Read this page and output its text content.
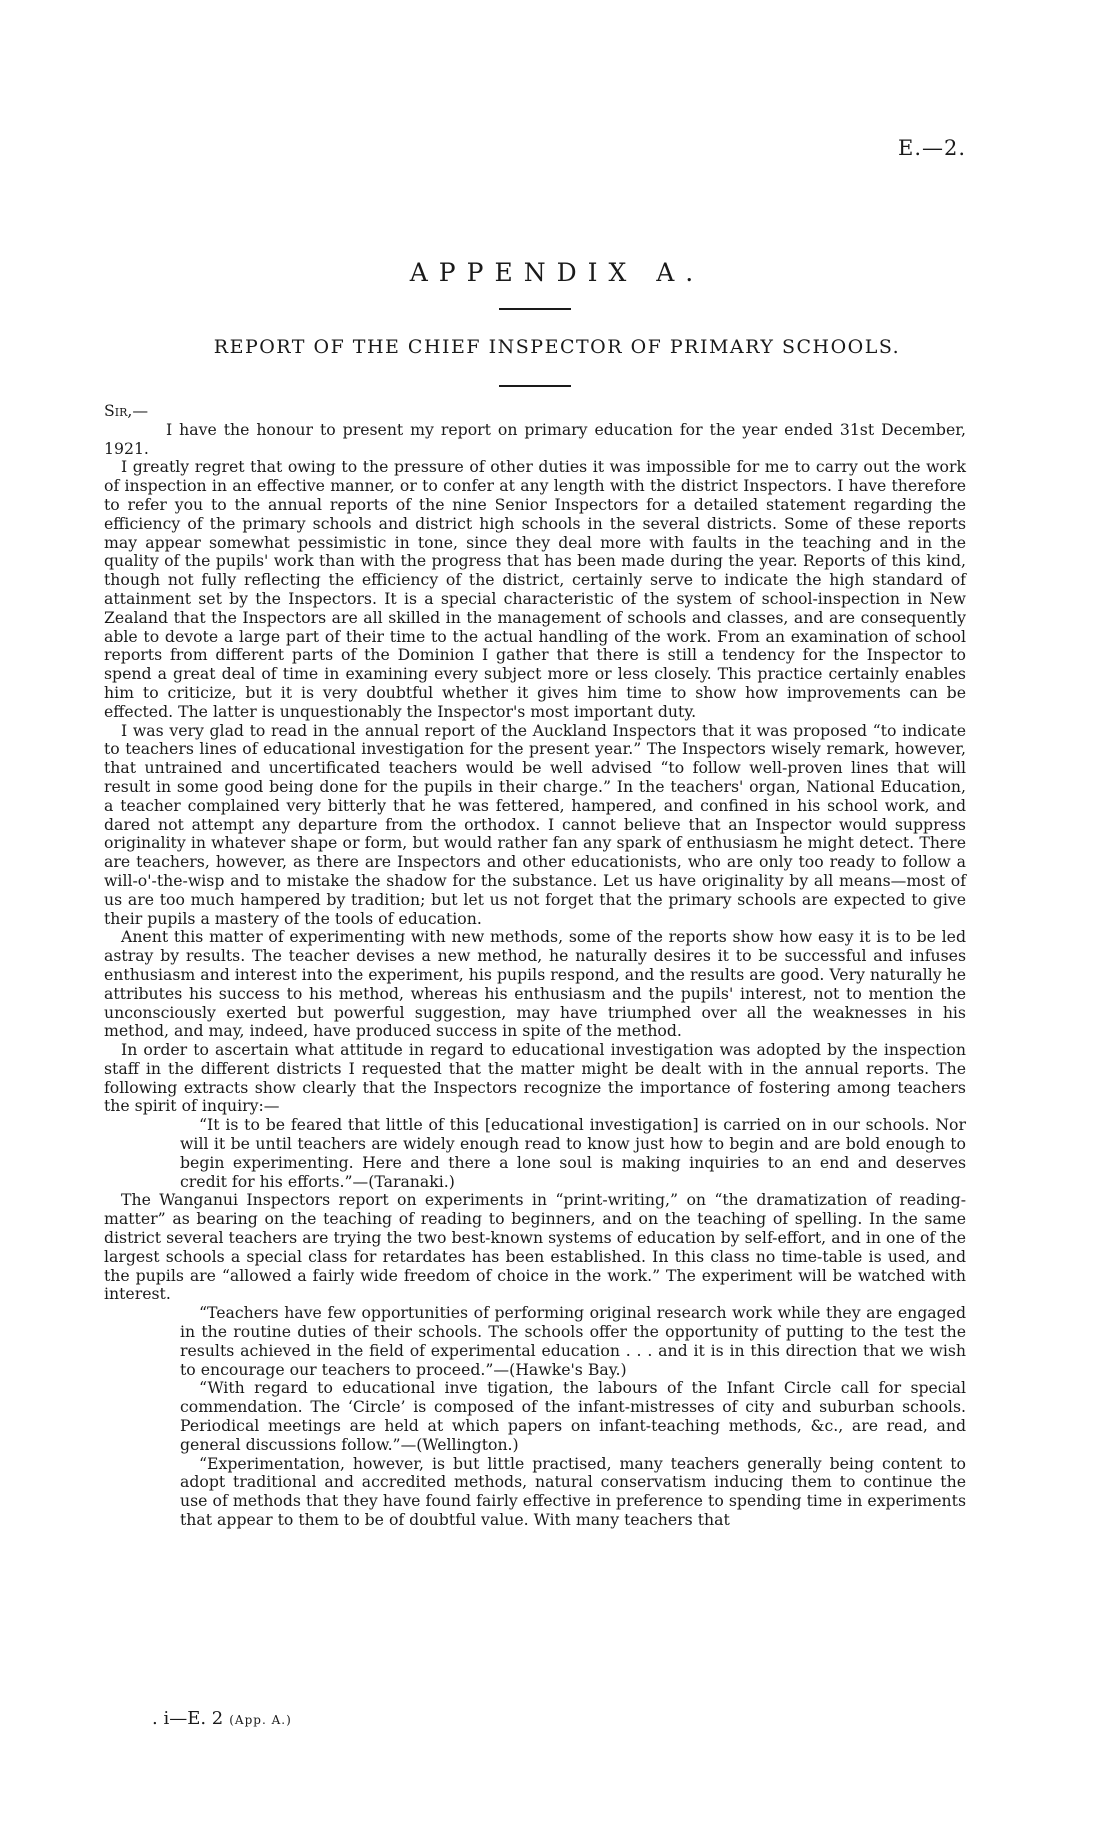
E.—2.
APPENDIX A.
REPORT OF THE CHIEF INSPECTOR OF PRIMARY SCHOOLS.

Sir,—

I have the honour to present my report on primary education for the year ended 31st December, 1921.

I greatly regret that owing to the pressure of other duties it was impossible for me to carry out the work of inspection in an effective manner, or to confer at any length with the district Inspectors. I have therefore to refer you to the annual reports of the nine Senior Inspectors for a detailed statement regarding the efficiency of the primary schools and district high schools in the several districts. Some of these reports may appear somewhat pessimistic in tone, since they deal more with faults in the teaching and in the quality of the pupils' work than with the progress that has been made during the year. Reports of this kind, though not fully reflecting the efficiency of the district, certainly serve to indicate the high standard of attainment set by the Inspectors. It is a special characteristic of the system of school-inspection in New Zealand that the Inspectors are all skilled in the management of schools and classes, and are consequently able to devote a large part of their time to the actual handling of the work. From an examination of school reports from different parts of the Dominion I gather that there is still a tendency for the Inspector to spend a great deal of time in examining every subject more or less closely. This practice certainly enables him to criticize, but it is very doubtful whether it gives him time to show how improvements can be effected. The latter is unquestionably the Inspector's most important duty.

I was very glad to read in the annual report of the Auckland Inspectors that it was proposed “to indicate to teachers lines of educational investigation for the present year.” The Inspectors wisely remark, however, that untrained and uncertificated teachers would be well advised “to follow well-proven lines that will result in some good being done for the pupils in their charge.” In the teachers' organ, National Education, a teacher complained very bitterly that he was fettered, hampered, and confined in his school work, and dared not attempt any departure from the orthodox. I cannot believe that an Inspector would suppress originality in whatever shape or form, but would rather fan any spark of enthusiasm he might detect. There are teachers, however, as there are Inspectors and other educationists, who are only too ready to follow a will-o'-the-wisp and to mistake the shadow for the substance. Let us have originality by all means—most of us are too much hampered by tradition; but let us not forget that the primary schools are expected to give their pupils a mastery of the tools of education.

Anent this matter of experimenting with new methods, some of the reports show how easy it is to be led astray by results. The teacher devises a new method, he naturally desires it to be successful and infuses enthusiasm and interest into the experiment, his pupils respond, and the results are good. Very naturally he attributes his success to his method, whereas his enthusiasm and the pupils' interest, not to mention the unconsciously exerted but powerful suggestion, may have triumphed over all the weaknesses in his method, and may, indeed, have produced success in spite of the method.

In order to ascertain what attitude in regard to educational investigation was adopted by the inspection staff in the different districts I requested that the matter might be dealt with in the annual reports. The following extracts show clearly that the Inspectors recognize the importance of fostering among teachers the spirit of inquiry:—

“It is to be feared that little of this [educational investigation] is carried on in our schools. Nor will it be until teachers are widely enough read to know just how to begin and are bold enough to begin experimenting. Here and there a lone soul is making inquiries to an end and deserves credit for his efforts.”—(Taranaki.)

The Wanganui Inspectors report on experiments in “print-writing,” on “the dramatization of reading-matter” as bearing on the teaching of reading to beginners, and on the teaching of spelling. In the same district several teachers are trying the two best-known systems of education by self-effort, and in one of the largest schools a special class for retardates has been established. In this class no time-table is used, and the pupils are “allowed a fairly wide freedom of choice in the work.” The experiment will be watched with interest.

“Teachers have few opportunities of performing original research work while they are engaged in the routine duties of their schools. The schools offer the opportunity of putting to the test the results achieved in the field of experimental education . . . and it is in this direction that we wish to encourage our teachers to proceed.”—(Hawke's Bay.)

“With regard to educational inve tigation, the labours of the Infant Circle call for special commendation. The ‘Circle’ is composed of the infant-mistresses of city and suburban schools. Periodical meetings are held at which papers on infant-teaching methods, &c., are read, and general discussions follow.”—(Wellington.)

“Experimentation, however, is but little practised, many teachers generally being content to adopt traditional and accredited methods, natural conservatism inducing them to continue the use of methods that they have found fairly effective in preference to spending time in experiments that appear to them to be of doubtful value. With many teachers that

. i—E. 2 (App. A.)
